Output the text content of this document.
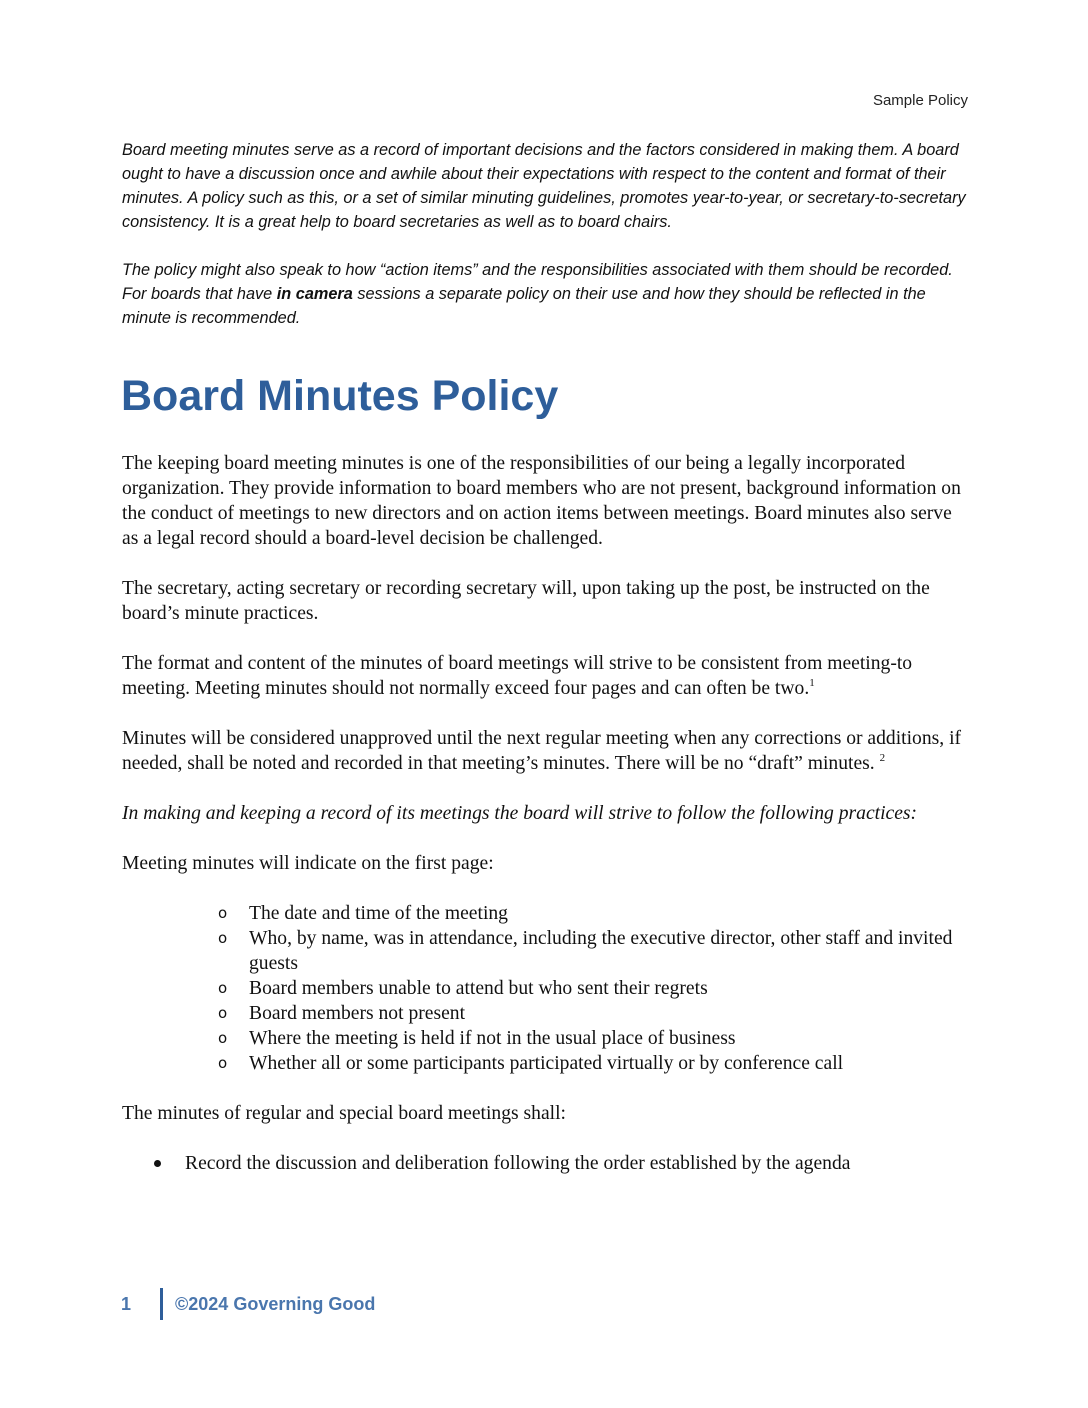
Sample Policy

Board meeting minutes serve as a record of important decisions and the factors considered in making them. A board ought to have a discussion once and awhile about their expectations with respect to the content and format of their minutes. A policy such as this, or a set of similar minuting guidelines, promotes year-to-year, or secretary-to-secretary consistency. It is a great help to board secretaries as well as to board chairs.

The policy might also speak to how “action items” and the responsibilities associated with them should be recorded. For boards that have in camera sessions a separate policy on their use and how they should be reflected in the minute is recommended.

Board Minutes Policy

The keeping board meeting minutes is one of the responsibilities of our being a legally incorporated organization. They provide information to board members who are not present, background information on the conduct of meetings to new directors and on action items between meetings. Board minutes also serve as a legal record should a board-level decision be challenged.

The secretary, acting secretary or recording secretary will, upon taking up the post, be instructed on the board’s minute practices.

The format and content of the minutes of board meetings will strive to be consistent from meeting-to meeting. Meeting minutes should not normally exceed four pages and can often be two.$^1$

Minutes will be considered unapproved until the next regular meeting when any corrections or additions, if needed, shall be noted and recorded in that meeting’s minutes. There will be no “draft” minutes. $^2$

In making and keeping a record of its meetings the board will strive to follow the following practices:

Meeting minutes will indicate on the first page:

o The date and time of the meeting
o Who, by name, was in attendance, including the executive director, other staff and invited guests
o Board members unable to attend but who sent their regrets
o Board members not present
o Where the meeting is held if not in the usual place of business
o Whether all or some participants participated virtually or by conference call

The minutes of regular and special board meetings shall:

Record the discussion and deliberation following the order established by the agenda
1 ©2024 Governing Good
